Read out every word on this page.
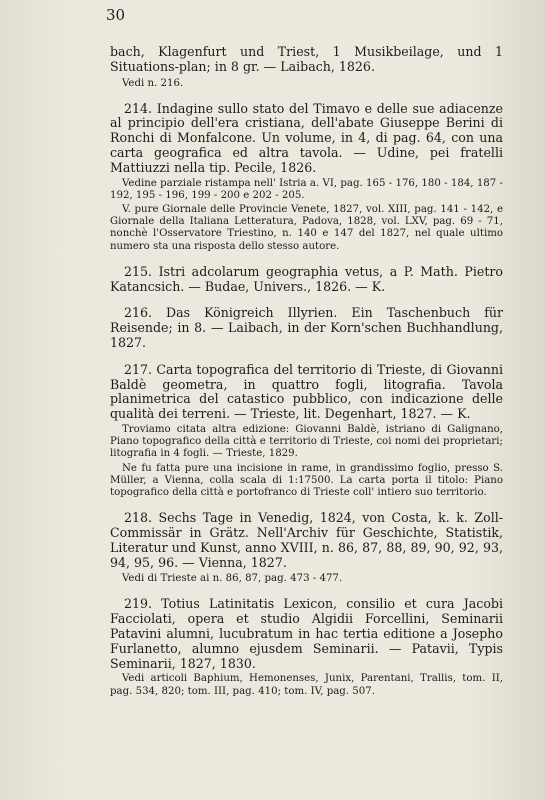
30

bach, Klagenfurt und Triest, 1 Musikbeilage, und 1 Situations-plan; in 8 gr. — Laibach, 1826.

Vedi n. 216.

214. Indagine sullo stato del Timavo e delle sue adiacenze al principio dell'era cristiana, dell'abate Giuseppe Berini di Ronchi di Monfalcone. Un volume, in 4, di pag. 64, con una carta geografica ed altra tavola. — Udine, pei fratelli Mattiuzzi nella tip. Pecile, 1826.

Vedine parziale ristampa nell' Istria a. VI, pag. 165 - 176, 180 - 184, 187 - 192, 195 - 196, 199 - 200 e 202 - 205.

V. pure Giornale delle Provincie Venete, 1827, vol. XIII, pag. 141 - 142, e Giornale della Italiana Letteratura, Padova, 1828, vol. LXV, pag. 69 - 71, nonchè l'Osservatore Triestino, n. 140 e 147 del 1827, nel quale ultimo numero sta una risposta dello stesso autore.

215. Istri adcolarum geographia vetus, a P. Math. Pietro Katancsich. — Budae, Univers., 1826. — K.

216. Das Königreich Illyrien. Ein Taschenbuch für Reisende; in 8. — Laibach, in der Korn'schen Buchhandlung, 1827.

217. Carta topografica del territorio di Trieste, di Giovanni Baldè geometra, in quattro fogli, litografia. Tavola planimetrica del catastico pubblico, con indicazione delle qualità dei terreni. — Trieste, lit. Degenhart, 1827. — K.

Troviamo citata altra edizione: Giovanni Baldè, istriano di Galignano, Piano topografico della città e territorio di Trieste, coi nomi dei proprietari; litografia in 4 fogli. — Trieste, 1829.

Ne fu fatta pure una incisione in rame, in grandissimo foglio, presso S. Müller, a Vienna, colla scala di 1:17500. La carta porta il titolo: Piano topografico della città e portofranco di Trieste coll' intiero suo territorio.

218. Sechs Tage in Venedig, 1824, von Costa, k. k. Zoll-Commissär in Grätz. Nell'Archiv für Geschichte, Statistik, Literatur und Kunst, anno XVIII, n. 86, 87, 88, 89, 90, 92, 93, 94, 95, 96. — Vienna, 1827.

Vedi di Trieste ai n. 86, 87, pag. 473 - 477.

219. Totius Latinitatis Lexicon, consilio et cura Jacobi Facciolati, opera et studio Algidii Forcellini, Seminarii Patavini alumni, lucubratum in hac tertia editione a Josepho Furlanetto, alumno ejusdem Seminarii. — Patavii, Typis Seminarii, 1827, 1830.

Vedi articoli Baphium, Hemonenses, Junix, Parentani, Trallis, tom. II, pag. 534, 820; tom. III, pag. 410; tom. IV, pag. 507.
